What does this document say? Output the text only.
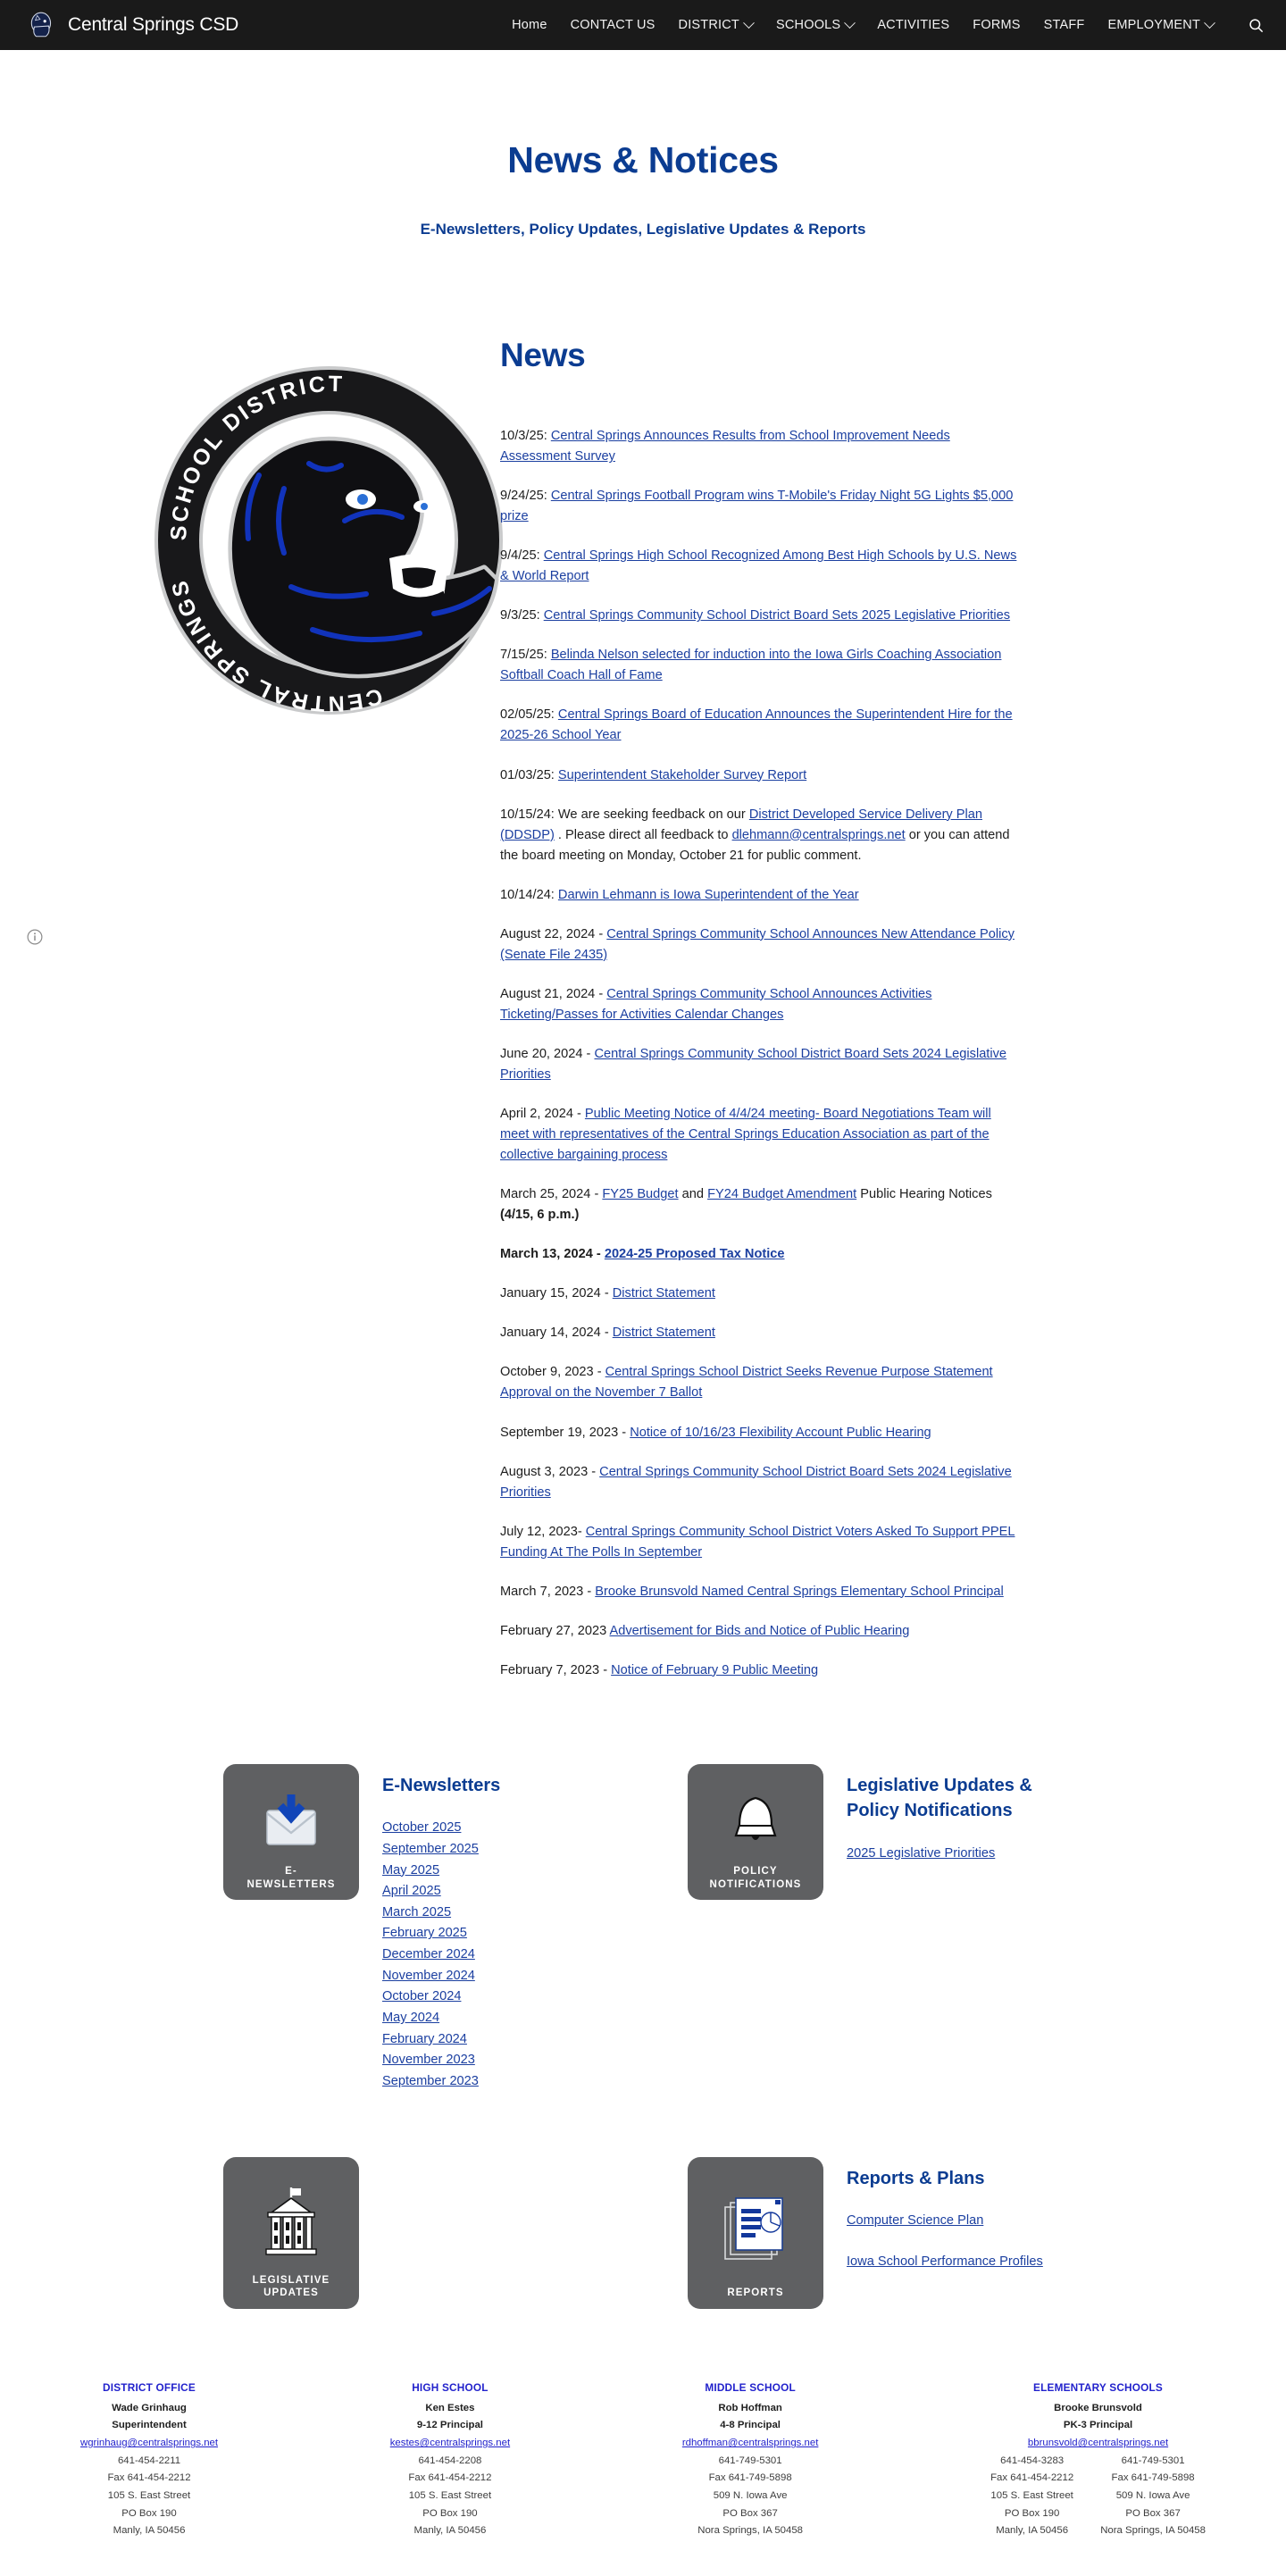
Central Springs CSD	Home CONTACT US DISTRICT	SCHOOLS	ACTIVITIES FORMS STAFF EMPLOYMENT
News & Notices
E-Newsletters, Policy Updates, Legislative Updates & Reports
SCHOOL DISTRICT
CENTRAL SPRINGS
News

10/3/25: Central Springs Announces Results from School Improvement Needs Assessment Survey

9/24/25: Central Springs Football Program wins T-Mobile's Friday Night 5G Lights $5,000 prize

9/4/25: Central Springs High School Recognized Among Best High Schools by U.S. News & World Report

9/3/25: Central Springs Community School District Board Sets 2025 Legislative Priorities

7/15/25: Belinda Nelson selected for induction into the Iowa Girls Coaching Association Softball Coach Hall of Fame

02/05/25: Central Springs Board of Education Announces the Superintendent Hire for the 2025-26 School Year

01/03/25: Superintendent Stakeholder Survey Report

10/15/24: We are seeking feedback on our District Developed Service Delivery Plan (DDSDP) . Please direct all feedback to dlehmann@centralsprings.net or you can attend the board meeting on Monday, October 21 for public comment.

10/14/24: Darwin Lehmann is Iowa Superintendent of the Year

August 22, 2024 - Central Springs Community School Announces New Attendance Policy (Senate File 2435)

August 21, 2024 - Central Springs Community School Announces Activities Ticketing/Passes for Activities Calendar Changes

June 20, 2024 - Central Springs Community School District Board Sets 2024 Legislative Priorities

April 2, 2024 - Public Meeting Notice of 4/4/24 meeting- Board Negotiations Team will meet with representatives of the Central Springs Education Association as part of the collective bargaining process

March 25, 2024 - FY25 Budget and FY24 Budget Amendment Public Hearing Notices (4/15, 6 p.m.)

March 13, 2024 - 2024-25 Proposed Tax Notice

January 15, 2024 - District Statement

January 14, 2024 - District Statement

October 9, 2023 - Central Springs School District Seeks Revenue Purpose Statement Approval on the November 7 Ballot

September 19, 2023 - Notice of 10/16/23 Flexibility Account Public Hearing

August 3, 2023 - Central Springs Community School District Board Sets 2024 Legislative Priorities

July 12, 2023- Central Springs Community School District Voters Asked To Support PPEL Funding At The Polls In September

March 7, 2023 - Brooke Brunsvold Named Central Springs Elementary School Principal

February 27, 2023 Advertisement for Bids and Notice of Public Hearing

February 7, 2023 - Notice of February 9 Public Meeting

E-
NEWSLETTERS
E-Newsletters
October 2025
September 2025
May 2025
April 2025
March 2025
February 2025
December 2024
November 2024
October 2024
May 2024
February 2024
November 2023
September 2023
POLICY
NOTIFICATIONS
Legislative Updates & Policy Notifications
2025 Legislative Priorities
LEGISLATIVE
UPDATES	REPORTS
Reports & Plans
Computer Science Plan
Iowa School Performance Profiles
DISTRICT OFFICE
Wade Grinhaug
Superintendent
wgrinhaug@centralsprings.net
641-454-2211
Fax 641-454-2212
105 S. East Street
PO Box 190
Manly, IA 50456
HIGH SCHOOL
Ken Estes
9-12 Principal
kestes@centralsprings.net
641-454-2208
Fax 641-454-2212
105 S. East Street
PO Box 190
Manly, IA 50456
MIDDLE SCHOOL
Rob Hoffman
4-8 Principal
rdhoffman@centralsprings.net
641-749-5301
Fax 641-749-5898
509 N. Iowa Ave
PO Box 367
Nora Springs, IA 50458
ELEMENTARY SCHOOLS
Brooke Brunsvold
PK-3 Principal
bbrunsvold@centralsprings.net
641-454-3283
Fax 641-454-2212
105 S. East Street
PO Box 190
Manly, IA 50456
641-749-5301
Fax 641-749-5898
509 N. Iowa Ave
PO Box 367
Nora Springs, IA 50458
